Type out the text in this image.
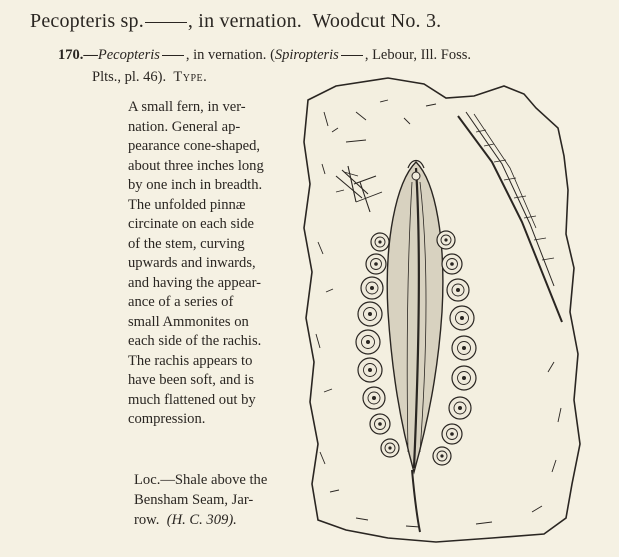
Pecopteris sp. , in vernation. Woodcut No. 3.
170.—Pecopteris , in vernation. (Spiropteris , Lebour, Ill. Foss.
Plts., pl. 46). Type.
A small fern, in ver-
nation. General ap-
pearance cone-shaped,
about three inches long
by one inch in breadth.
The unfolded pinnæ
circinate on each side
of the stem, curving
upwards and inwards,
and having the appear-
ance of a series of
small Ammonites on
each side of the rachis.
The rachis appears to
have been soft, and is
much flattened out by
compression.
Loc.—Shale above the
Bensham Seam, Jar-
row. (H. C. 309).
